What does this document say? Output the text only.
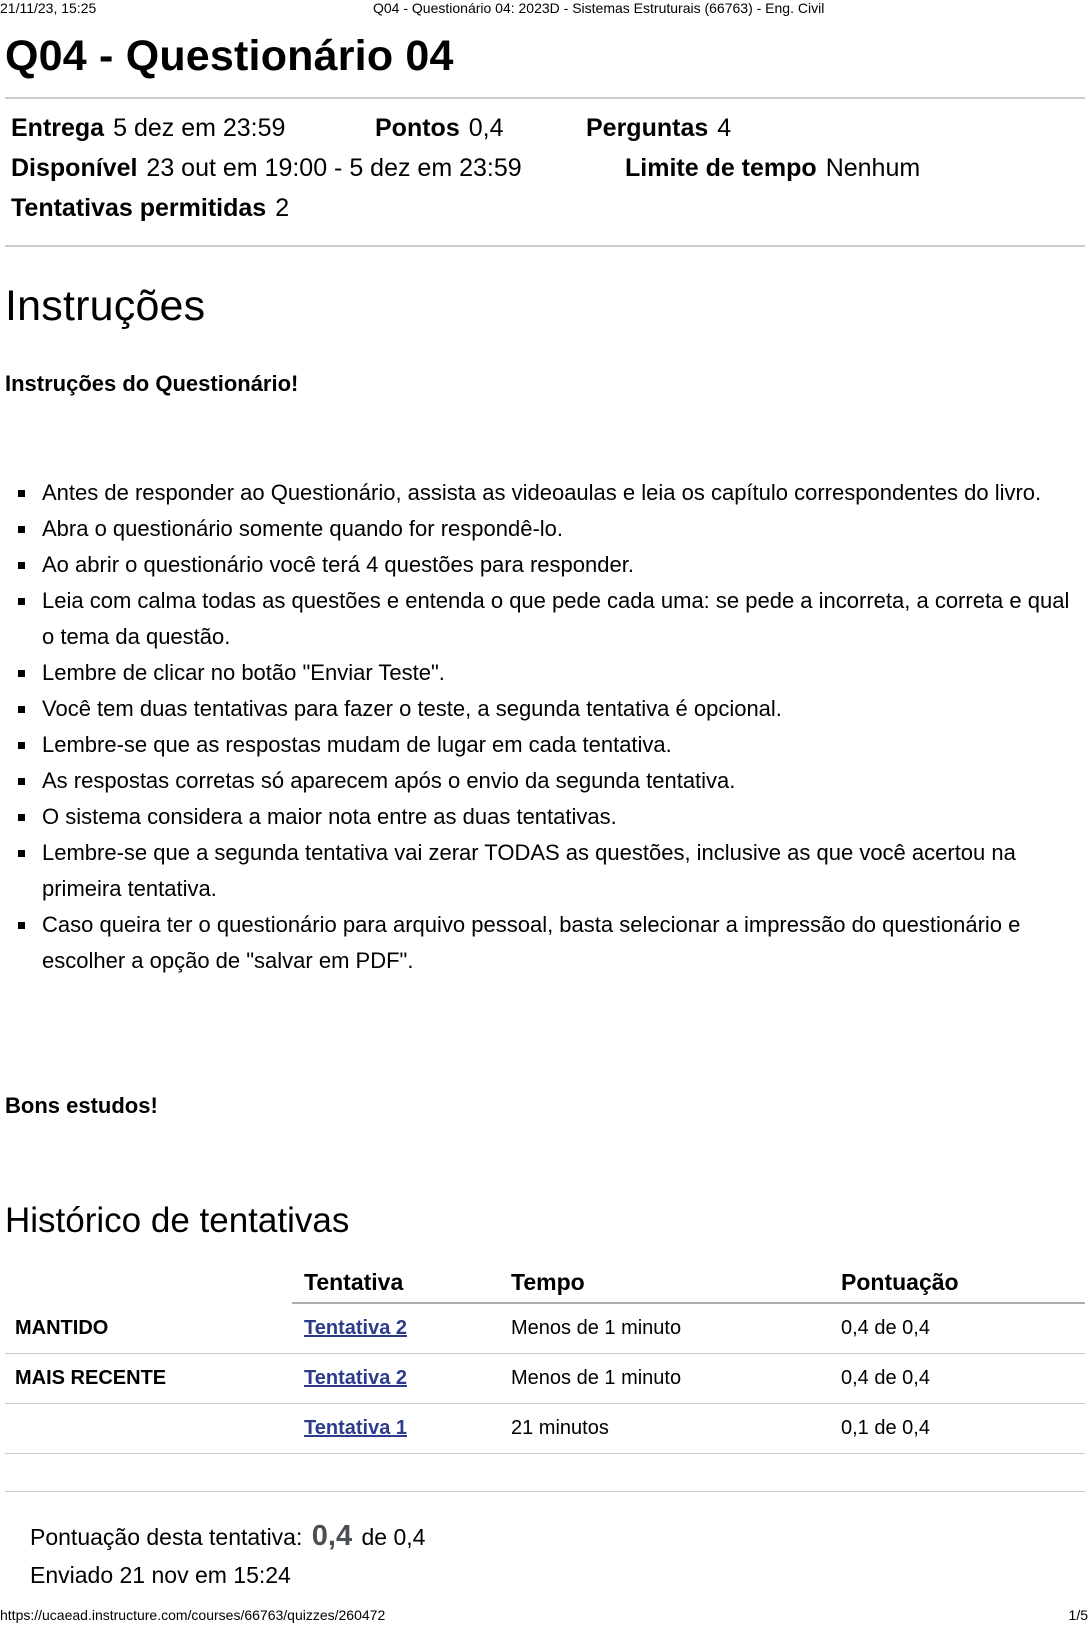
21/11/23, 15:25	Q04 - Questionário 04: 2023D - Sistemas Estruturais (66763) - Eng. Civil
Q04 - Questionário 04
Entrega 5 dez em 23:59	Pontos 0,4	Perguntas 4
Disponível 23 out em 19:00 - 5 dez em 23:59	Limite de tempo Nenhum
Tentativas permitidas 2
Instruções
Instruções do Questionário!
Antes de responder ao Questionário, assista as videoaulas e leia os capítulo correspondentes do livro.
Abra o questionário somente quando for respondê-lo.
Ao abrir o questionário você terá 4 questões para responder.
Leia com calma todas as questões e entenda o que pede cada uma: se pede a incorreta, a correta e qual o tema da questão.
Lembre de clicar no botão "Enviar Teste".
Você tem duas tentativas para fazer o teste, a segunda tentativa é opcional.
Lembre-se que as respostas mudam de lugar em cada tentativa.
As respostas corretas só aparecem após o envio da segunda tentativa.
O sistema considera a maior nota entre as duas tentativas.
Lembre-se que a segunda tentativa vai zerar TODAS as questões, inclusive as que você acertou na primeira tentativa.
Caso queira ter o questionário para arquivo pessoal, basta selecionar a impressão do questionário e escolher a opção de "salvar em PDF".
Bons estudos!
Histórico de tentativas
	Tentativa	Tempo	Pontuação
MANTIDO	Tentativa 2	Menos de 1 minuto	0,4 de 0,4
MAIS RECENTE	Tentativa 2	Menos de 1 minuto	0,4 de 0,4
	Tentativa 1	21 minutos	0,1 de 0,4
Pontuação desta tentativa: 0,4 de 0,4
Enviado 21 nov em 15:24
https://ucaead.instructure.com/courses/66763/quizzes/260472	1/5
